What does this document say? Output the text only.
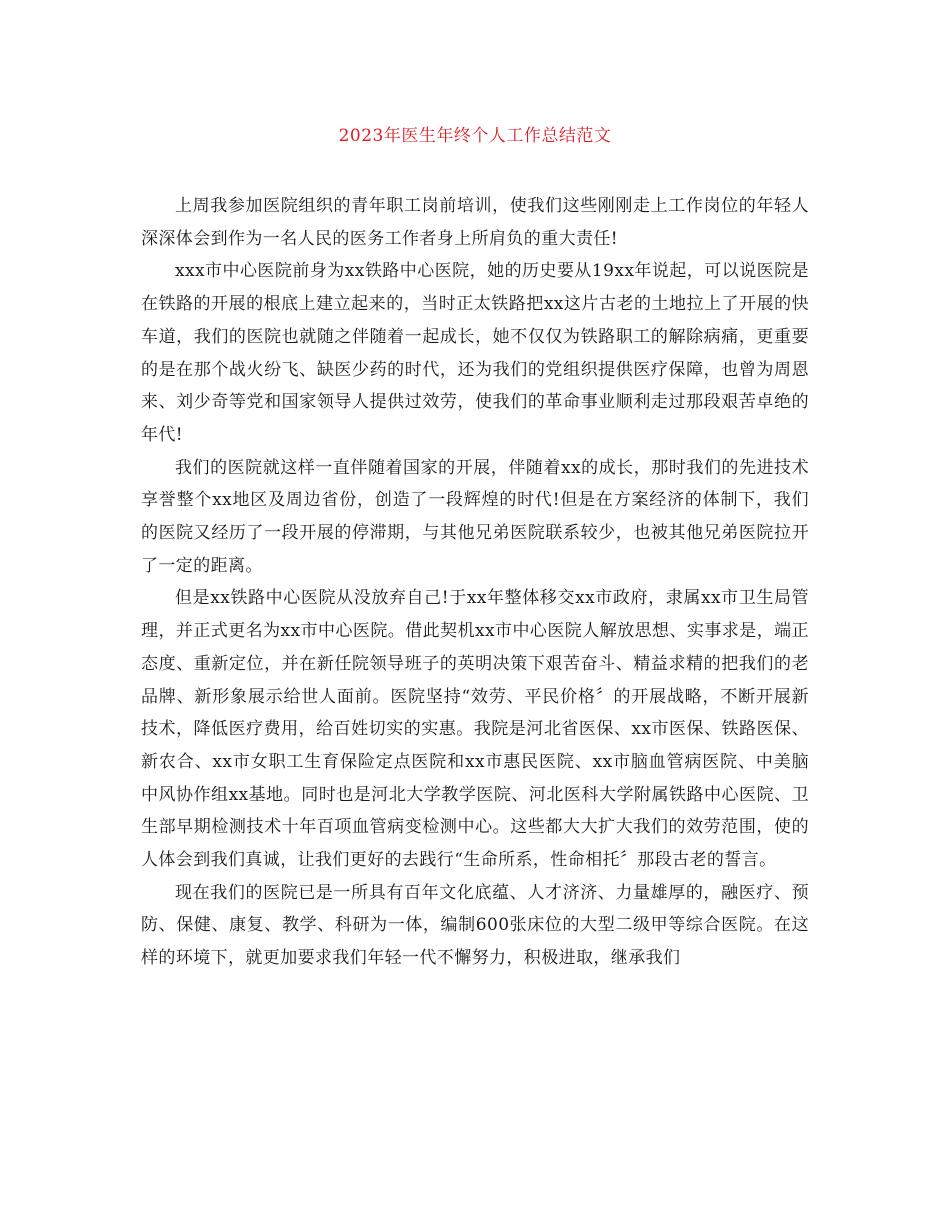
2023年医生年终个人工作总结范文

上周我参加医院组织的青年职工岗前培训，使我们这些刚刚走上工作岗位的年轻人深深体会到作为一名人民的医务工作者身上所肩负的重大责任!

xxx市中心医院前身为xx铁路中心医院，她的历史要从19xx年说起，可以说医院是在铁路的开展的根底上建立起来的，当时正太铁路把xx这片古老的土地拉上了开展的快车道，我们的医院也就随之伴随着一起成长，她不仅仅为铁路职工的解除病痛，更重要的是在那个战火纷飞、缺医少药的时代，还为我们的党组织提供医疗保障，也曾为周恩来、刘少奇等党和国家领导人提供过效劳，使我们的革命事业顺利走过那段艰苦卓绝的年代!

我们的医院就这样一直伴随着国家的开展，伴随着xx的成长，那时我们的先进技术享誉整个xx地区及周边省份，创造了一段辉煌的时代!但是在方案经济的体制下，我们的医院又经历了一段开展的停滞期，与其他兄弟医院联系较少，也被其他兄弟医院拉开了一定的距离。

但是xx铁路中心医院从没放弃自己!于xx年整体移交xx市政府，隶属xx市卫生局管理，并正式更名为xx市中心医院。借此契机xx市中心医院人解放思想、实事求是，端正态度、重新定位，并在新任院领导班子的英明决策下艰苦奋斗、精益求精的把我们的老品牌、新形象展示给世人面前。医院坚持“效劳、平民价格〞的开展战略，不断开展新技术，降低医疗费用，给百姓切实的实惠。我院是河北省医保、xx市医保、铁路医保、新农合、xx市女职工生育保险定点医院和xx市惠民医院、xx市脑血管病医院、中美脑中风协作组xx基地。同时也是河北大学教学医院、河北医科大学附属铁路中心医院、卫生部早期检测技术十年百项血管病变检测中心。这些都大大扩大我们的效劳范围，使的人体会到我们真诚，让我们更好的去践行“生命所系，性命相托〞那段古老的誓言。

现在我们的医院已是一所具有百年文化底蕴、人才济济、力量雄厚的，融医疗、预防、保健、康复、教学、科研为一体，编制600张床位的大型二级甲等综合医院。在这样的环境下，就更加要求我们年轻一代不懈努力，积极进取，继承我们
